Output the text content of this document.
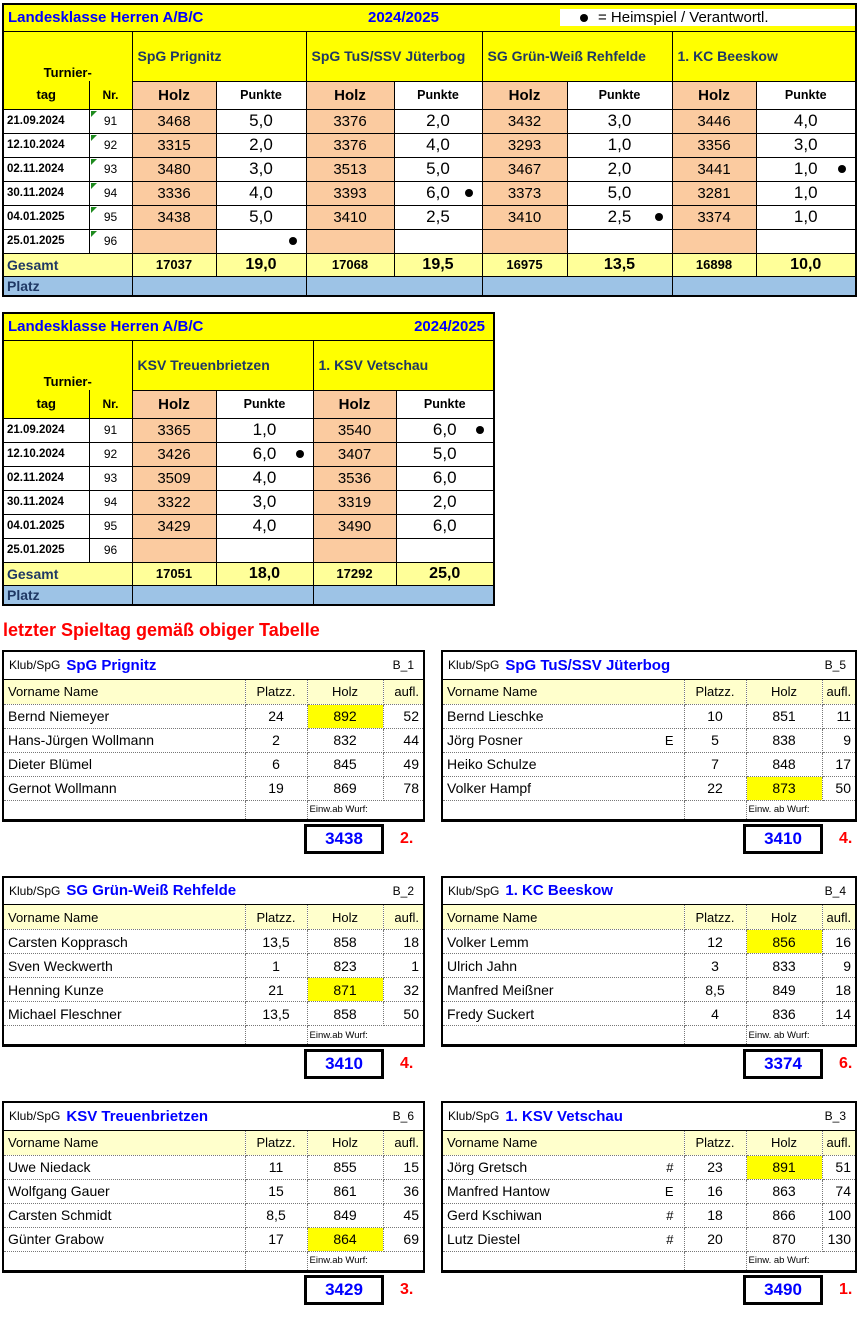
Landesklasse Herren A/B/C 2024/2025 = Heimspiel / Verantwortl.									

Turnier-		SpG Prignitz		SpG TuS/SSV Jüterbog		SG Grün-Weiß Rehfelde		1. KC Beeskow	
tag	Nr.	Holz	Punkte	Holz	Punkte	Holz	Punkte	Holz	Punkte
21.09.2024	91	3468	5,0	3376	2,0	3432	3,0	3446	4,0
12.10.2024	92	3315	2,0	3376	4,0	3293	1,0	3356	3,0
02.11.2024	93	3480	3,0	3513	5,0	3467	2,0	3441	1,0

30.11.2024	94	3336	4,0	3393	6,0	3373	5,0	3281	1,0
04.01.2025	95	3438	5,0	3410	2,5	3410	2,5	3374	1,0
25.01.2025	96

Gesamt		17037	19,0	17068	19,5	16975	13,5	16898	10,0
Platz									
Landesklasse Herren A/B/C 2024/2025					

Turnier-		KSV Treuenbrietzen		1. KSV Vetschau	
tag	Nr.	Holz	Punkte	Holz	Punkte
21.09.2024	91	3365	1,0	3540	6,0

12.10.2024	92	3426	6,0	3407	5,0
02.11.2024	93	3509	4,0	3536	6,0
30.11.2024	94	3322	3,0	3319	2,0
04.01.2025	95	3429	4,0	3490	6,0
25.01.2025	96				
Gesamt		17051	18,0	17292	25,0
Platz					
letzter Spieltag gemäß obiger Tabelle
Klub/SpG SpG Prignitz B_1			

Vorname Name	Platzz.	Holz	aufl.

Bernd Niemeyer	24	892	52

Hans-Jürgen Wollmann	2	832	44

Dieter Blümel	6	845	49

Gernot Wollmann	19	869	78
		Einw.ab Wurf:	
3438	2.
Klub/SpG SpG TuS/SSV Jüterbog B_5			

Vorname Name	Platzz.	Holz	aufl.

Bernd Lieschke	10	851	11

Jörg Posner E	5	838	9

Heiko Schulze	7	848	17

Volker Hampf	22	873	50
		Einw. ab Wurf:	
3410	4.
Klub/SpG SG Grün-Weiß Rehfelde B_2			

Vorname Name	Platzz.	Holz	aufl.

Carsten Kopprasch	13,5	858	18

Sven Weckwerth	1	823	1

Henning Kunze	21	871	32

Michael Fleschner	13,5	858	50
		Einw.ab Wurf:	
3410	4.
Klub/SpG 1. KC Beeskow B_4			

Vorname Name	Platzz.	Holz	aufl.

Volker Lemm	12	856	16

Ulrich Jahn	3	833	9

Manfred Meißner	8,5	849	18

Fredy Suckert	4	836	14
		Einw. ab Wurf:	
3374	6.
Klub/SpG KSV Treuenbrietzen B_6			

Vorname Name	Platzz.	Holz	aufl.

Uwe Niedack	11	855	15

Wolfgang Gauer	15	861	36

Carsten Schmidt	8,5	849	45

Günter Grabow	17	864	69
		Einw.ab Wurf:	
3429	3.
Klub/SpG 1. KSV Vetschau B_3			

Vorname Name	Platzz.	Holz	aufl.

Jörg Gretsch #	23	891	51

Manfred Hantow E	16	863	74

Gerd Kschiwan #	18	866	100

Lutz Diestel #	20	870	130
		Einw. ab Wurf:	
3490	1.
